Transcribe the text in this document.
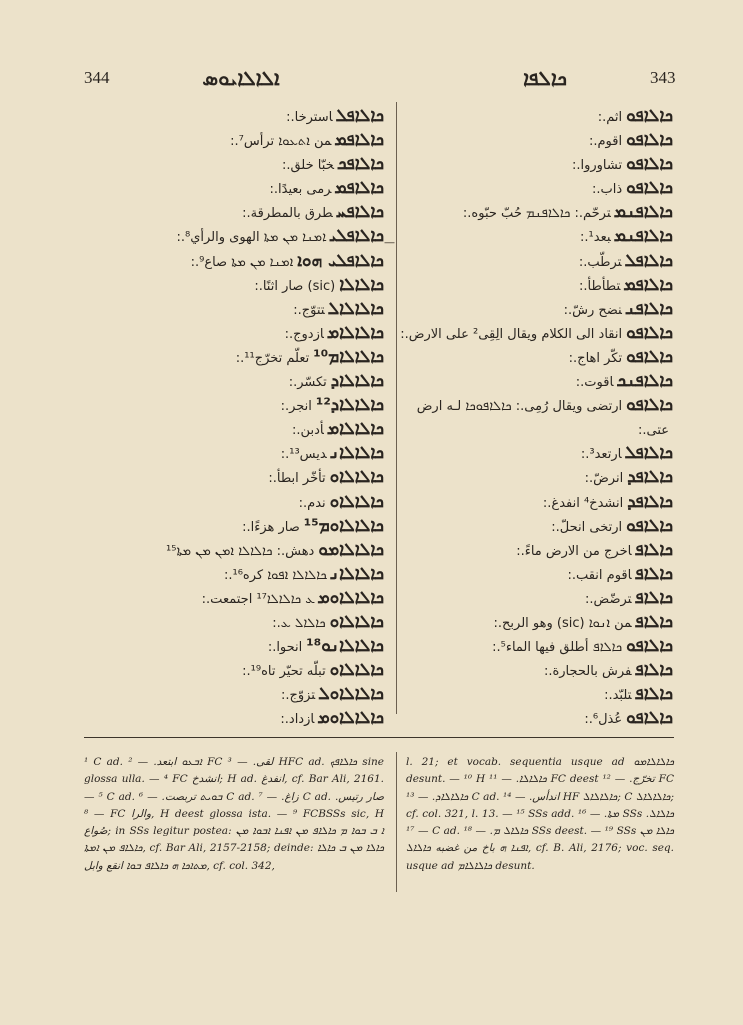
344	ܐܠܐܠܐܝܘܣ	ܟܐܠܦܐ	343
ܟܐܠܐܦܠاسترخا.:
ܟܐܠܐܦܡمن ܐܬܥܘܐ ترأس⁷.:
ܟܐܠܐܦܟخبّا خلق.:
ܟܐܠܐܦܡرمى بعيدًا.:
ܟܐܠܐܦܚطرق بالمطرقة.:
ܟܐܠܐܦܠܝܐܡܢܐ ܡܢ ܡܬܐ الهوى والرأي⁸.:
ܟܐܠܐܦܠܝ ܗܘܐܐܡܢܐ ܡܢ ܡܬܐ صاع⁹.:
ܟܐܠܐܠܐ(sic) صار اثنًا.:
ܟܐܠܐܠܐܠتتوّج.:
ܟܐܠܐܠܐܡازدوج.:
ܟܐܠܐܠܐܡ¹⁰تعلّم تخرّج¹¹.:
ܟܐܠܐܠܐܕتكسّر.:
ܟܐܠܐܠܐܕ¹²انجر.:
ܟܐܠܐܠܐܡأدبن.:
ܟܐܠܐܠܐܢديس¹³.:
ܟܐܠܐܠܐܘتأخّر ابطأ.:
ܟܐܠܐܠܐܘندم.:
ܟܐܠܐܠܐܘܡ¹⁵صار هزءًا.:
ܟܐܠܐܠܐܡܘدهش.: ܟܐܠܐܠܐ ܐܡܢ ܡܢ ܡܬܐ¹⁵
ܟܐܠܐܠܐܢܟܐܠܐܠܐ ܐܦܘܐ كره¹⁶.:
ܟܐܠܐܠܐܘܡܥ ܟܐܠܐܠܐ¹⁷ اجتمعت.:
ܟܐܠܐܠܐܘܟܐܠܐܠ ܥ.:
ܟܐܠܐܠܐܢܘ¹⁸انحوا.:
ܟܐܠܐܠܐܘتبلّه تحيّر تاه¹⁹.:
ܟܐܠܐܠܐܘܠتزوّج.:
ܟܐܠܐܠܐܘܡازداد.:
ܟܐܠܐܦܘاثم.:
ܟܐܠܐܦܘاقوم.:
ܟܐܠܐܦܘتشاوروا.:
ܟܐܠܐܦܘذاب.:
ܟܐܠܐܦܢܡترحّم.: ܟܐܠܐܦܢܡ حُبّ حبّوه.:
ܟܐܠܐܦܢܡبعد¹.:
ܟܐܠܐܦܠترطّب.:
ܟܐܠܐܦܡتطأطأ.:
ܟܐܠܐܦܢنضح رشّ.:
ܟܐܠܐܦܘانقاد الى الكلام ويقال الِقِى² على الارض.:
ܟܐܠܐܦܘتكّر اهاج.:
ܟܐܠܐܦܢܟاقوت.:
ܟܐܠܐܦܘارتضى ويقال رُمِى.: ܟܐܠܐܦܘܟܐ لـه ارض
عتى.:
ܟܐܠܐܦܠارتعد³.:
ܟܐܠܐܦܕانرضّ.:
ܟܐܠܐܦܕانشدخ⁴ انفدغ.:
ܟܐܠܐܦܘارتخى انحلّ.:
ܟܐܠܐܦاخرج من الارض ماءً.:
ܟܐܠܐܦاقوم انقب.:
ܟܐܠܐܦترضّض.:
ܟܐܠܐܦمن ܐܢܘܐ (sic) وهو الربح.:
ܟܐܠܐܦܘܟܐܠܐܦ أطلق فيها الماء⁵.:
ܟܐܠܐܦفرش بالحجارة.:
ܟܐܠܐܦتلبّد.:
ܟܐܠܐܦܘعُذل⁶.:
—

¹ C ad. ܐܒܥܘ ابتعد. — ² FC لقى. — ³ HFC ad. ܟܐܠܐܦܟ sine glossa ulla. — ⁴ FC انشدخ; H ad. انفدغ, cf. Bar Ali, 2161. — ⁵ C ad. ܒܘܝܬ تربصت. — ⁶ C ad. زاغ. — ⁷ C ad. صار رتيس. — ⁸ FC والرا, H deest glossa ista. — ⁹ FCBSSs sic, H صُواع; in SSs legitur postea: ܐ ܒ ܒܘܐ ܡ ܟܐܠܐܦ ܡܢ ܐܦܢܐ ܐܒܘܐ ܡܢ ܟܐܠܐܦ ܡܢ ܐܡܬܐ, cf. Bar Ali, 2157-2158; deinde: ܟܐܠܐ ܡܢ ܒ ܟܐܠܐ ܡܬܐܟܐ ܗ ܟܐܠܐܦ ܒܘܐ انقع وابل, cf. col. 342,

l. 21; et vocab. sequentia usque ad ܟܐܠܐܠܐܡܘ desunt. — ¹⁰ H ܟܐܠܐܠܐ. — ¹¹ FC deest تخرّج. — ¹² FC ܟܐܠܐܠܐܕ. — ¹³ C ad. اندأس. — ¹⁴ HF ܟܐܠܐܠܐܠ; C ܟܐܠܐܠܐܠ; cf. col. 321, l. 13. — ¹⁵ SSs add. ܡܬܐ. — ¹⁶ SSs ܟܐܠܐܠ. — ¹⁷ C ad. ܟܐܠܐܠ ܡ. — ¹⁸ SSs deest. — ¹⁹ SSs ܟܐܠܐ ܡܢ ܐܦܢܐ ܗ باخ من غضبه ܟܐܠܐܠ, cf. B. Ali, 2176; voc. seq. usque ad ܟܐܠܐܠܐܡ desunt.
